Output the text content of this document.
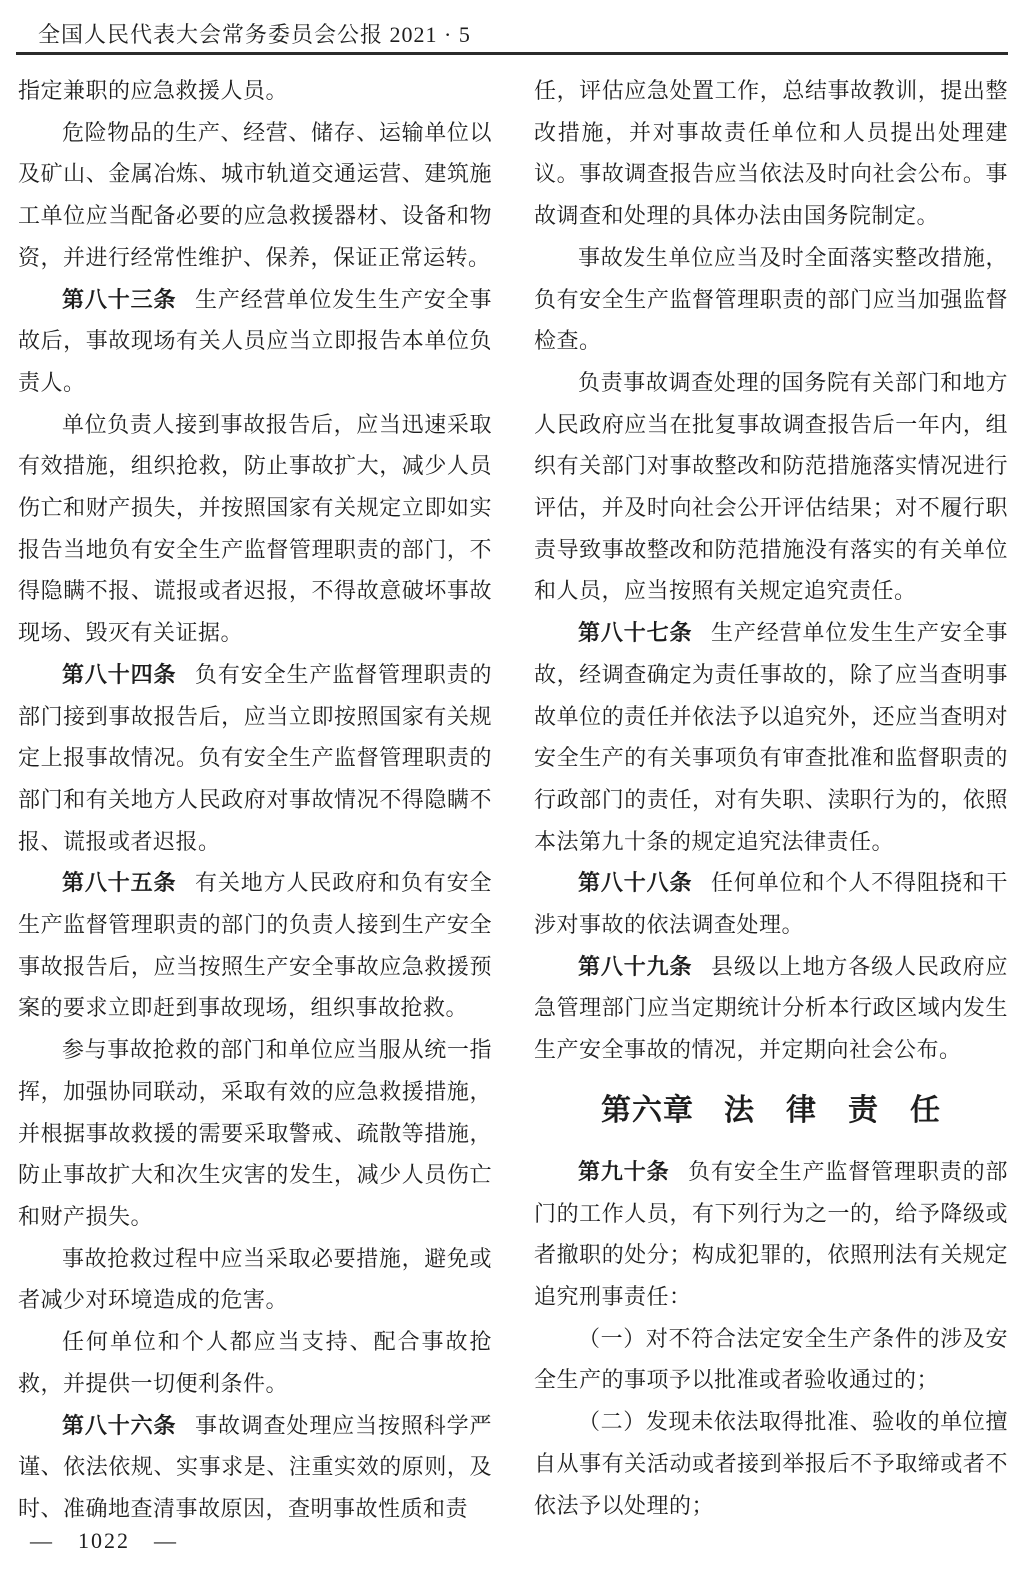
全国人民代表大会常务委员会公报 2021 · 5

指定兼职的应急救援人员。

危险物品的生产、经营、储存、运输单位以及矿山、金属冶炼、城市轨道交通运营、建筑施工单位应当配备必要的应急救援器材、设备和物资，并进行经常性维护、保养，保证正常运转。

第八十三条 生产经营单位发生生产安全事故后，事故现场有关人员应当立即报告本单位负责人。

单位负责人接到事故报告后，应当迅速采取有效措施，组织抢救，防止事故扩大，减少人员伤亡和财产损失，并按照国家有关规定立即如实报告当地负有安全生产监督管理职责的部门，不得隐瞒不报、谎报或者迟报，不得故意破坏事故现场、毁灭有关证据。

第八十四条 负有安全生产监督管理职责的部门接到事故报告后，应当立即按照国家有关规定上报事故情况。负有安全生产监督管理职责的部门和有关地方人民政府对事故情况不得隐瞒不报、谎报或者迟报。

第八十五条 有关地方人民政府和负有安全生产监督管理职责的部门的负责人接到生产安全事故报告后，应当按照生产安全事故应急救援预案的要求立即赶到事故现场，组织事故抢救。

参与事故抢救的部门和单位应当服从统一指挥，加强协同联动，采取有效的应急救援措施，并根据事故救援的需要采取警戒、疏散等措施，防止事故扩大和次生灾害的发生，减少人员伤亡和财产损失。

事故抢救过程中应当采取必要措施，避免或者减少对环境造成的危害。

任何单位和个人都应当支持、配合事故抢救，并提供一切便利条件。

第八十六条 事故调查处理应当按照科学严谨、依法依规、实事求是、注重实效的原则，及时、准确地查清事故原因，查明事故性质和责

任，评估应急处置工作，总结事故教训，提出整改措施，并对事故责任单位和人员提出处理建议。事故调查报告应当依法及时向社会公布。事故调查和处理的具体办法由国务院制定。

事故发生单位应当及时全面落实整改措施，负有安全生产监督管理职责的部门应当加强监督检查。

负责事故调查处理的国务院有关部门和地方人民政府应当在批复事故调查报告后一年内，组织有关部门对事故整改和防范措施落实情况进行评估，并及时向社会公开评估结果；对不履行职责导致事故整改和防范措施没有落实的有关单位和人员，应当按照有关规定追究责任。

第八十七条 生产经营单位发生生产安全事故，经调查确定为责任事故的，除了应当查明事故单位的责任并依法予以追究外，还应当查明对安全生产的有关事项负有审查批准和监督职责的行政部门的责任，对有失职、渎职行为的，依照本法第九十条的规定追究法律责任。

第八十八条 任何单位和个人不得阻挠和干涉对事故的依法调查处理。

第八十九条 县级以上地方各级人民政府应急管理部门应当定期统计分析本行政区域内发生生产安全事故的情况，并定期向社会公布。

第六章 法　律　责　任

第九十条 负有安全生产监督管理职责的部门的工作人员，有下列行为之一的，给予降级或者撤职的处分；构成犯罪的，依照刑法有关规定追究刑事责任：

（一）对不符合法定安全生产条件的涉及安全生产的事项予以批准或者验收通过的；

（二）发现未依法取得批准、验收的单位擅自从事有关活动或者接到举报后不予取缔或者不依法予以处理的；

—　1022　—
